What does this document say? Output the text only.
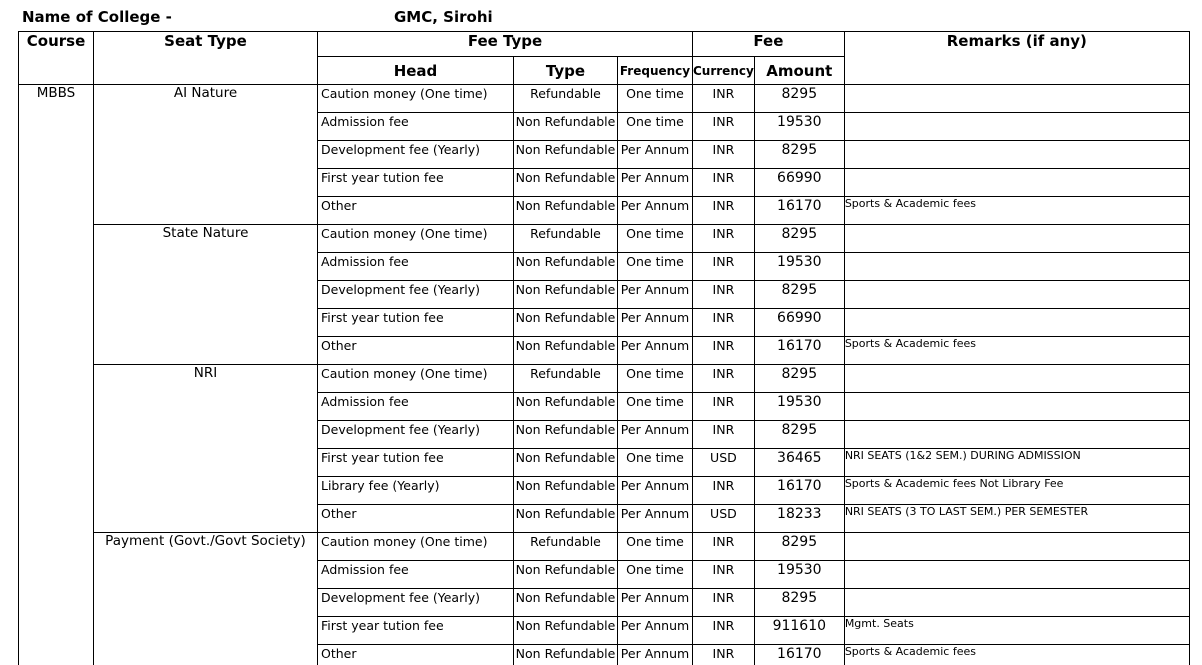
Name of College -	GMC, Sirohi
Course	Seat Type	Fee Type			Fee		Remarks (if any)
		Head	Type	Frequency	Currency	Amount	
MBBS	AI Nature	Caution money (One time)	Refundable	One time	INR	8295	
		Admission fee	Non Refundable	One time	INR	19530	
		Development fee (Yearly)	Non Refundable	Per Annum	INR	8295	
		First year tution fee	Non Refundable	Per Annum	INR	66990	
		Other	Non Refundable	Per Annum	INR	16170	Sports & Academic fees
	State Nature	Caution money (One time)	Refundable	One time	INR	8295	
		Admission fee	Non Refundable	One time	INR	19530	
		Development fee (Yearly)	Non Refundable	Per Annum	INR	8295	
		First year tution fee	Non Refundable	Per Annum	INR	66990	
		Other	Non Refundable	Per Annum	INR	16170	Sports & Academic fees
	NRI	Caution money (One time)	Refundable	One time	INR	8295	
		Admission fee	Non Refundable	One time	INR	19530	
		Development fee (Yearly)	Non Refundable	Per Annum	INR	8295	
		First year tution fee	Non Refundable	One time	USD	36465	NRI SEATS (1&2 SEM.) DURING ADMISSION
		Library fee (Yearly)	Non Refundable	Per Annum	INR	16170	Sports & Academic fees Not Library Fee
		Other	Non Refundable	Per Annum	USD	18233	NRI SEATS (3 TO LAST SEM.) PER SEMESTER
	Payment (Govt./Govt Society)	Caution money (One time)	Refundable	One time	INR	8295	
		Admission fee	Non Refundable	One time	INR	19530	
		Development fee (Yearly)	Non Refundable	Per Annum	INR	8295	
		First year tution fee	Non Refundable	Per Annum	INR	911610	Mgmt. Seats
		Other	Non Refundable	Per Annum	INR	16170	Sports & Academic fees
